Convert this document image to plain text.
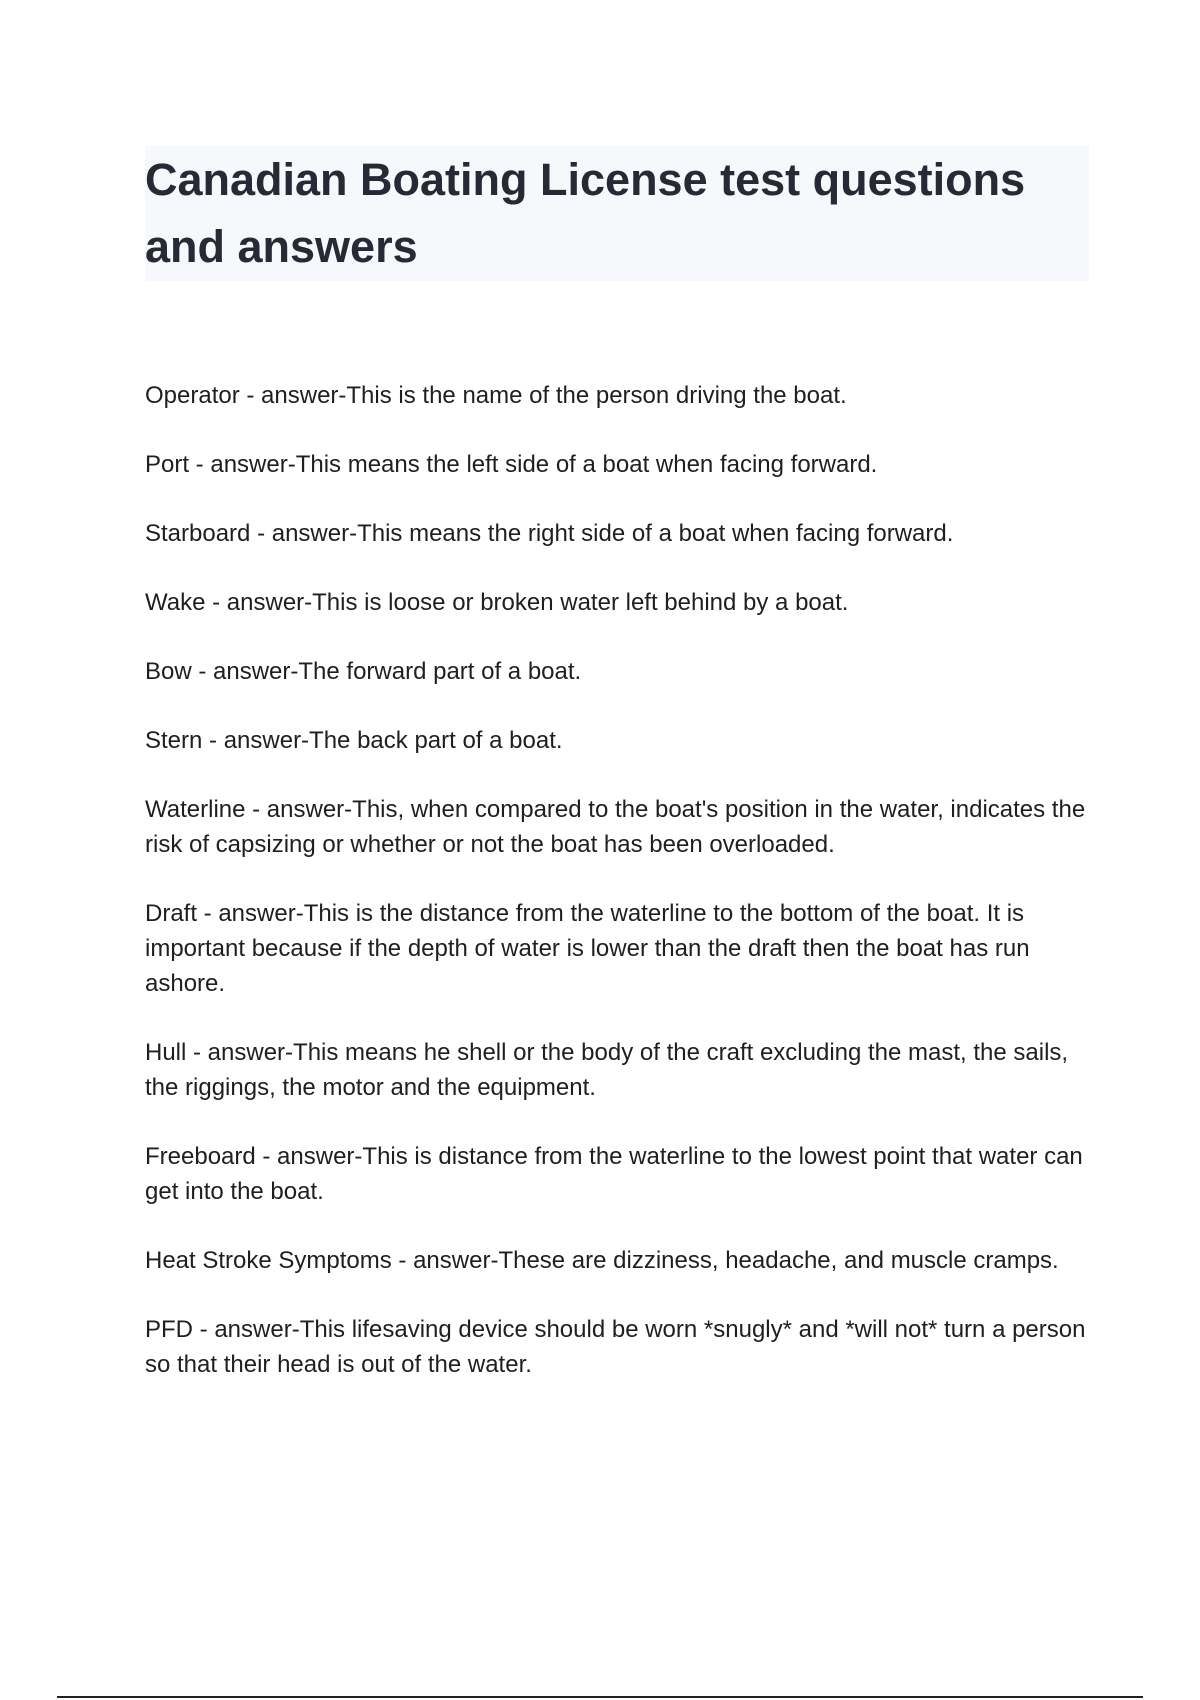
Canadian Boating License test questions and answers

Operator - answer-This is the name of the person driving the boat.

Port - answer-This means the left side of a boat when facing forward.

Starboard - answer-This means the right side of a boat when facing forward.

Wake - answer-This is loose or broken water left behind by a boat.

Bow - answer-The forward part of a boat.

Stern - answer-The back part of a boat.

Waterline - answer-This, when compared to the boat's position in the water, indicates the risk of capsizing or whether or not the boat has been overloaded.

Draft - answer-This is the distance from the waterline to the bottom of the boat. It is important because if the depth of water is lower than the draft then the boat has run ashore.

Hull - answer-This means he shell or the body of the craft excluding the mast, the sails, the riggings, the motor and the equipment.

Freeboard - answer-This is distance from the waterline to the lowest point that water can get into the boat.

Heat Stroke Symptoms - answer-These are dizziness, headache, and muscle cramps.

PFD - answer-This lifesaving device should be worn *snugly* and *will not* turn a person so that their head is out of the water.
